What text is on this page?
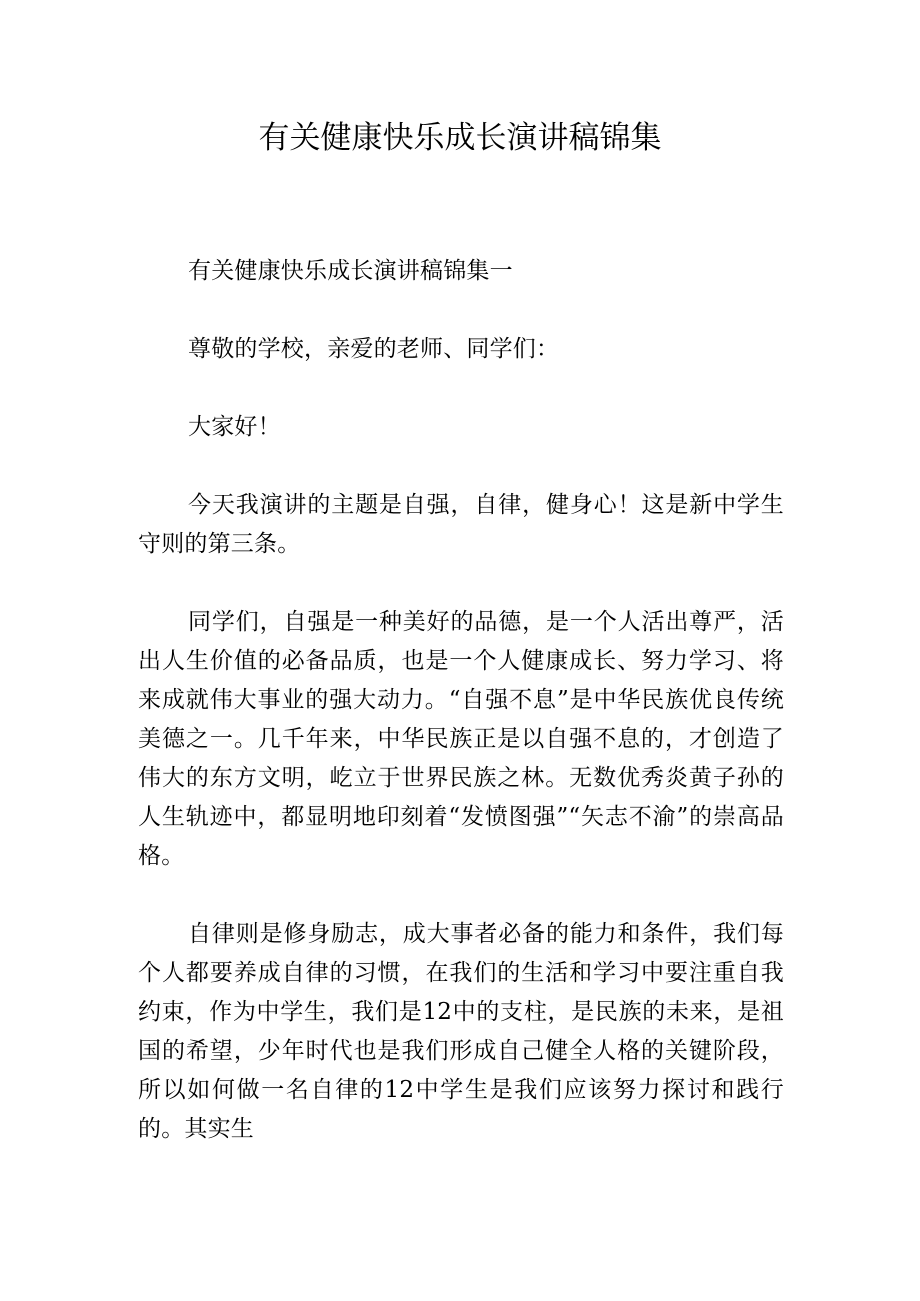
有关健康快乐成长演讲稿锦集

有关健康快乐成长演讲稿锦集一

尊敬的学校，亲爱的老师、同学们：

大家好！

今天我演讲的主题是自强，自律，健身心！这是新中学生守则的第三条。

同学们，自强是一种美好的品德，是一个人活出尊严，活出人生价值的必备品质，也是一个人健康成长、努力学习、将来成就伟大事业的强大动力。“自强不息”是中华民族优良传统美德之一。几千年来，中华民族正是以自强不息的，才创造了伟大的东方文明，屹立于世界民族之林。无数优秀炎黄子孙的人生轨迹中，都显明地印刻着“发愤图强”“矢志不渝”的崇高品格。

自律则是修身励志，成大事者必备的能力和条件，我们每个人都要养成自律的习惯，在我们的生活和学习中要注重自我约束，作为中学生，我们是12中的支柱，是民族的未来，是祖国的希望，少年时代也是我们形成自己健全人格的关键阶段，所以如何做一名自律的12中学生是我们应该努力探讨和践行的。其实生
